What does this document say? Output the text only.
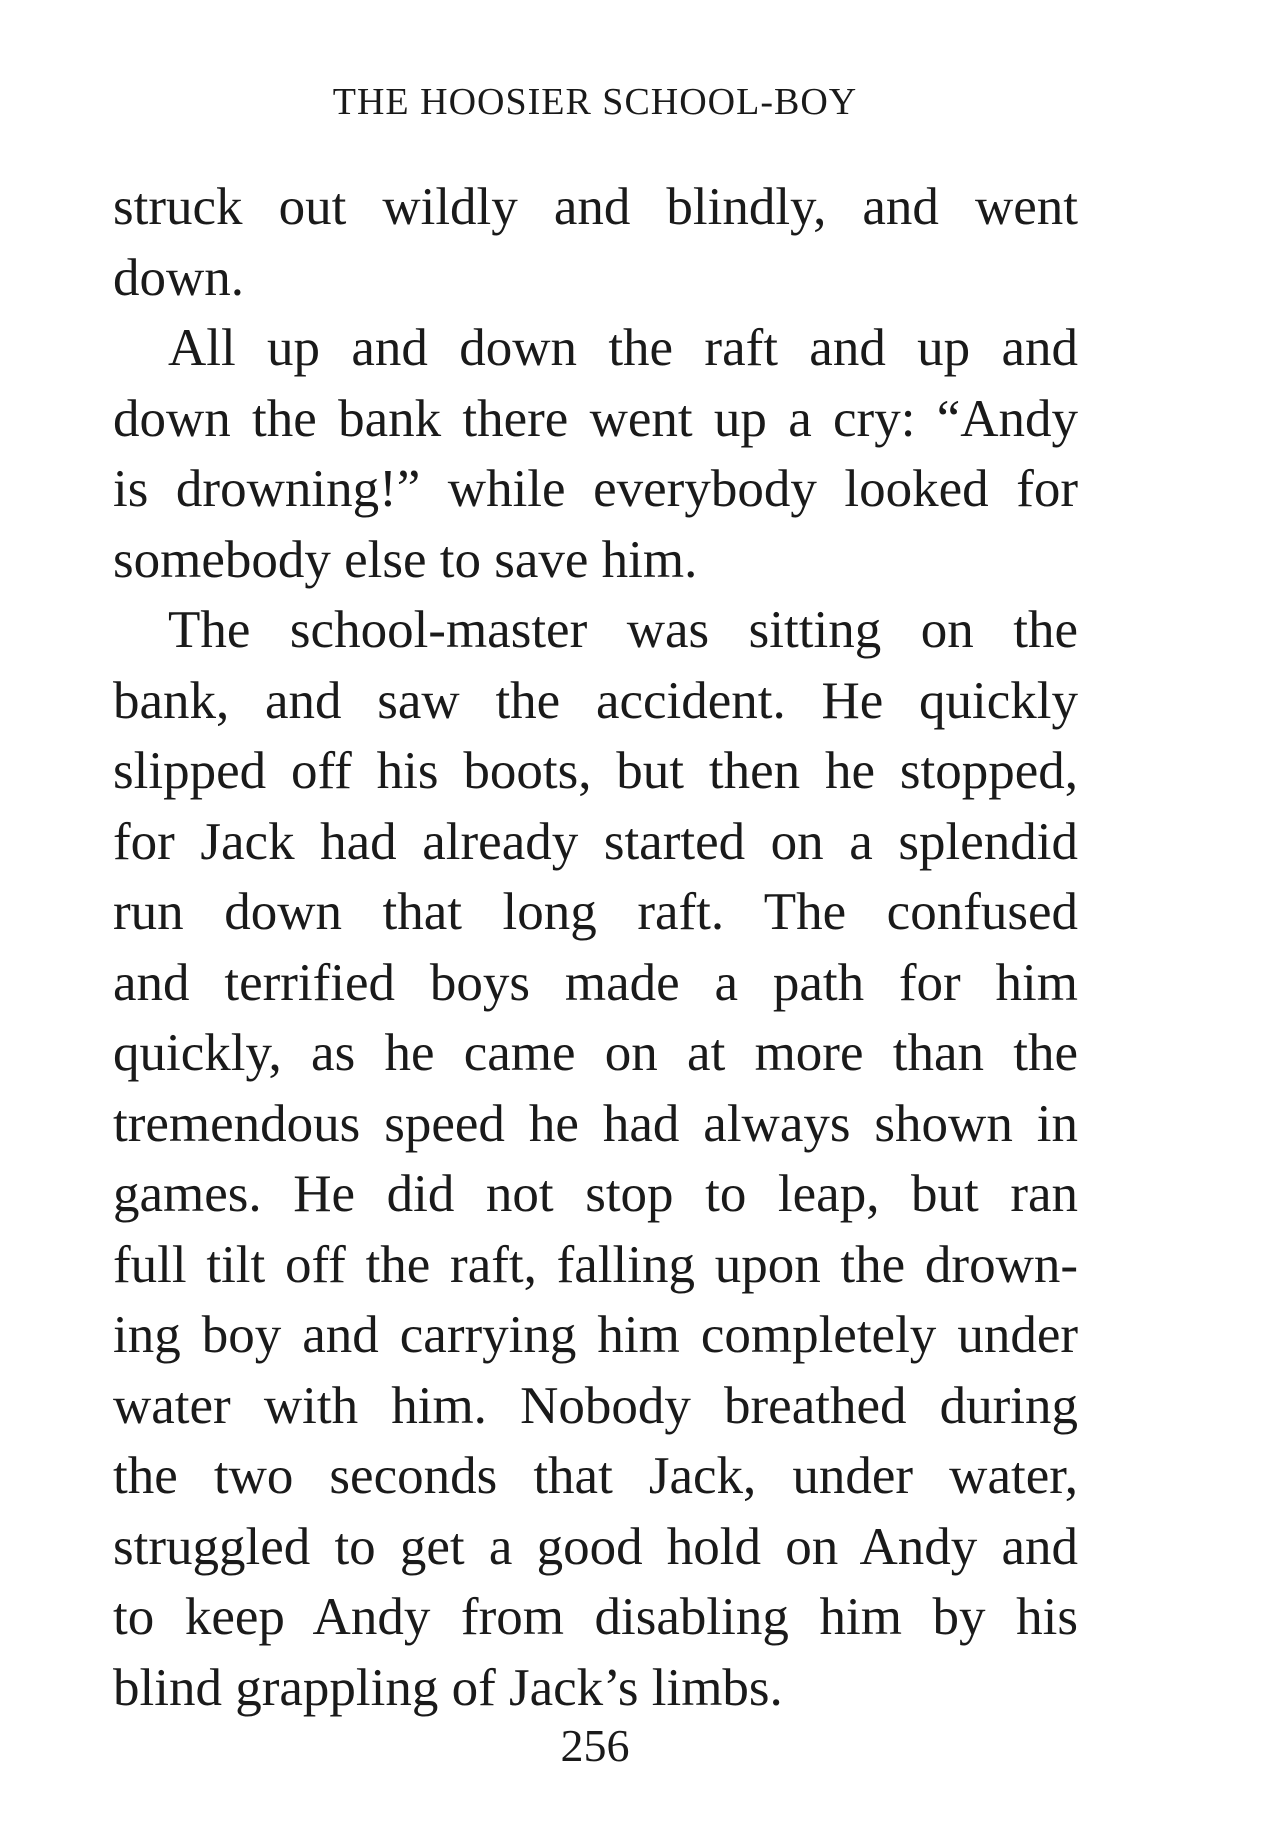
THE HOOSIER SCHOOL-BOY

struck out wildly and blindly, and went
down.

All up and down the raft and up and
down the bank there went up a cry: “Andy
is drowning!” while everybody looked for
somebody else to save him.

The school-master was sitting on the
bank, and saw the accident. He quickly
slipped off his boots, but then he stopped,
for Jack had already started on a splendid
run down that long raft. The confused
and terrified boys made a path for him
quickly, as he came on at more than the
tremendous speed he had always shown in
games. He did not stop to leap, but ran
full tilt off the raft, falling upon the drown-
ing boy and carrying him completely under
water with him. Nobody breathed during
the two seconds that Jack, under water,
struggled to get a good hold on Andy and
to keep Andy from disabling him by his
blind grappling of Jack’s limbs.

256
